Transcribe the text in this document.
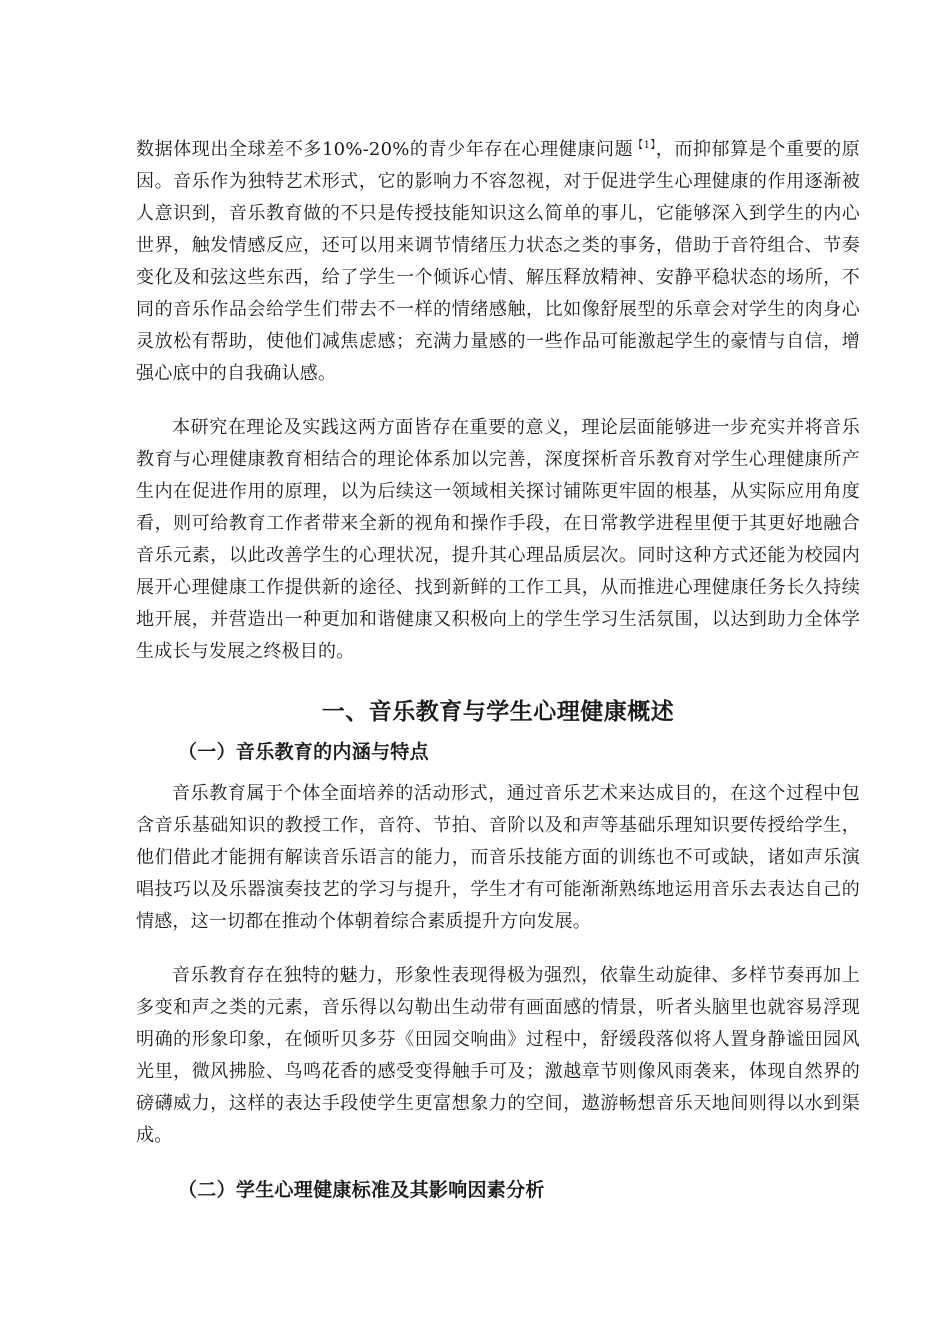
数据体现出全球差不多10%-20%的青少年存在心理健康问题$^{【1】}$，而抑郁算是个重要的原因。音乐作为独特艺术形式，它的影响力不容忽视，对于促进学生心理健康的作用逐渐被人意识到，音乐教育做的不只是传授技能知识这么简单的事儿，它能够深入到学生的内心世界，触发情感反应，还可以用来调节情绪压力状态之类的事务，借助于音符组合、节奏变化及和弦这些东西，给了学生一个倾诉心情、解压释放精神、安静平稳状态的场所，不同的音乐作品会给学生们带去不一样的情绪感触，比如像舒展型的乐章会对学生的肉身心灵放松有帮助，使他们减焦虑感；充满力量感的一些作品可能激起学生的豪情与自信，增强心底中的自我确认感。

本研究在理论及实践这两方面皆存在重要的意义，理论层面能够进一步充实并将音乐教育与心理健康教育相结合的理论体系加以完善，深度探析音乐教育对学生心理健康所产生内在促进作用的原理，以为后续这一领域相关探讨铺陈更牢固的根基，从实际应用角度看，则可给教育工作者带来全新的视角和操作手段，在日常教学进程里便于其更好地融合音乐元素，以此改善学生的心理状况，提升其心理品质层次。同时这种方式还能为校园内展开心理健康工作提供新的途径、找到新鲜的工作工具，从而推进心理健康任务长久持续地开展，并营造出一种更加和谐健康又积极向上的学生学习生活氛围，以达到助力全体学生成长与发展之终极目的。

一、音乐教育与学生心理健康概述
（一）音乐教育的内涵与特点

音乐教育属于个体全面培养的活动形式，通过音乐艺术来达成目的，在这个过程中包含音乐基础知识的教授工作，音符、节拍、音阶以及和声等基础乐理知识要传授给学生，他们借此才能拥有解读音乐语言的能力，而音乐技能方面的训练也不可或缺，诸如声乐演唱技巧以及乐器演奏技艺的学习与提升，学生才有可能渐渐熟练地运用音乐去表达自己的情感，这一切都在推动个体朝着综合素质提升方向发展。

音乐教育存在独特的魅力，形象性表现得极为强烈，依靠生动旋律、多样节奏再加上多变和声之类的元素，音乐得以勾勒出生动带有画面感的情景，听者头脑里也就容易浮现明确的形象印象，在倾听贝多芬《田园交响曲》过程中，舒缓段落似将人置身静谧田园风光里，微风拂脸、鸟鸣花香的感受变得触手可及；激越章节则像风雨袭来，体现自然界的磅礴威力，这样的表达手段使学生更富想象力的空间，遨游畅想音乐天地间则得以水到渠成。

（二）学生心理健康标准及其影响因素分析
